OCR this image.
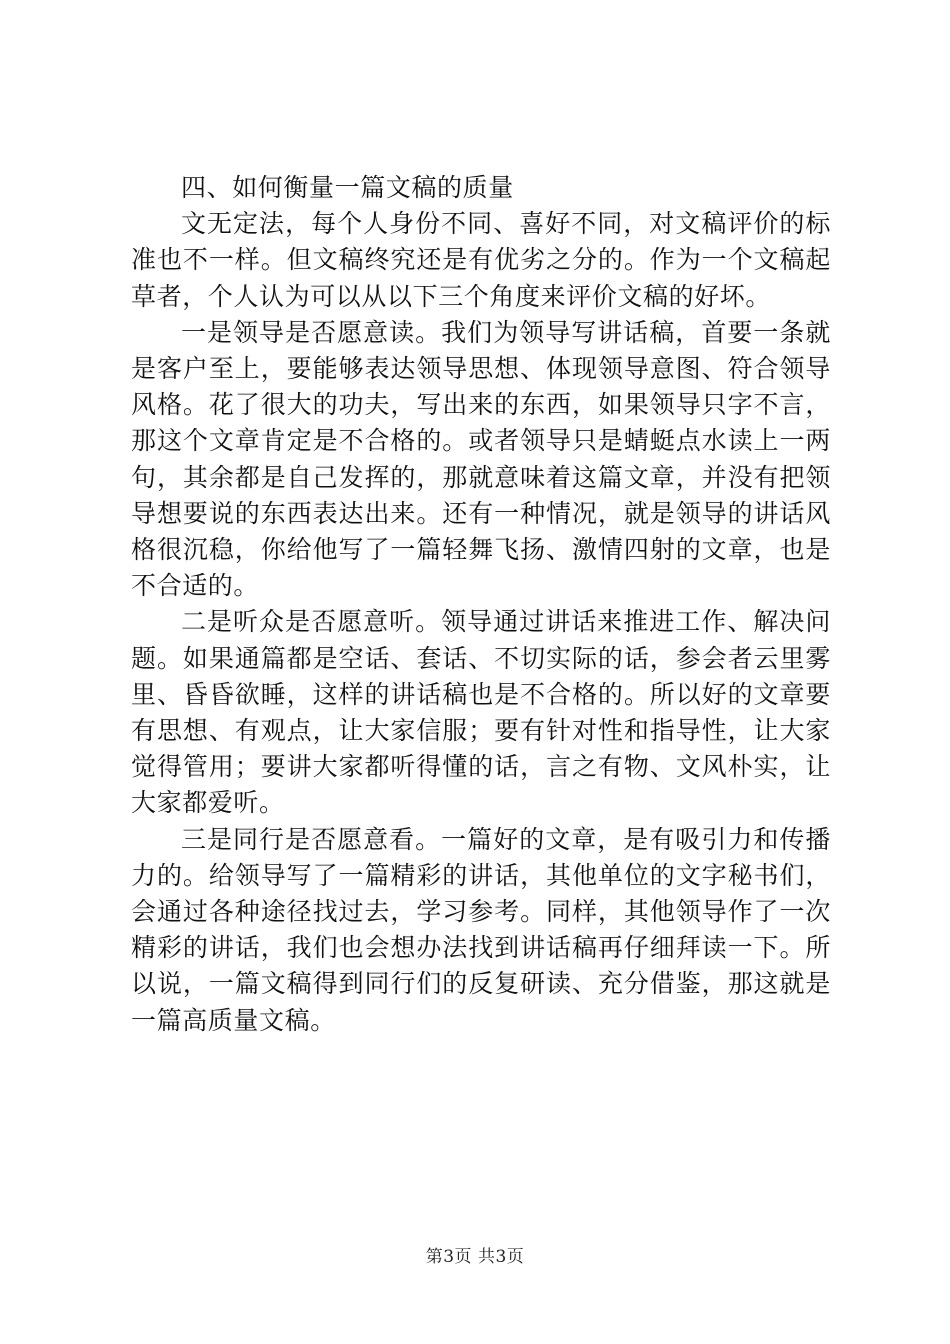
四、如何衡量一篇文稿的质量

文无定法，每个人身份不同、喜好不同，对文稿评价的标准也不一样。但文稿终究还是有优劣之分的。作为一个文稿起草者，个人认为可以从以下三个角度来评价文稿的好坏。

一是领导是否愿意读。我们为领导写讲话稿，首要一条就是客户至上，要能够表达领导思想、体现领导意图、符合领导风格。花了很大的功夫，写出来的东西，如果领导只字不言，那这个文章肯定是不合格的。或者领导只是蜻蜓点水读上一两句，其余都是自己发挥的，那就意味着这篇文章，并没有把领导想要说的东西表达出来。还有一种情况，就是领导的讲话风格很沉稳，你给他写了一篇轻舞飞扬、激情四射的文章，也是不合适的。

二是听众是否愿意听。领导通过讲话来推进工作、解决问题。如果通篇都是空话、套话、不切实际的话，参会者云里雾里、昏昏欲睡，这样的讲话稿也是不合格的。所以好的文章要有思想、有观点，让大家信服；要有针对性和指导性，让大家觉得管用；要讲大家都听得懂的话，言之有物、文风朴实，让大家都爱听。

三是同行是否愿意看。一篇好的文章，是有吸引力和传播力的。给领导写了一篇精彩的讲话，其他单位的文字秘书们，会通过各种途径找过去，学习参考。同样，其他领导作了一次精彩的讲话，我们也会想办法找到讲话稿再仔细拜读一下。所以说，一篇文稿得到同行们的反复研读、充分借鉴，那这就是一篇高质量文稿。

第3页 共3页
